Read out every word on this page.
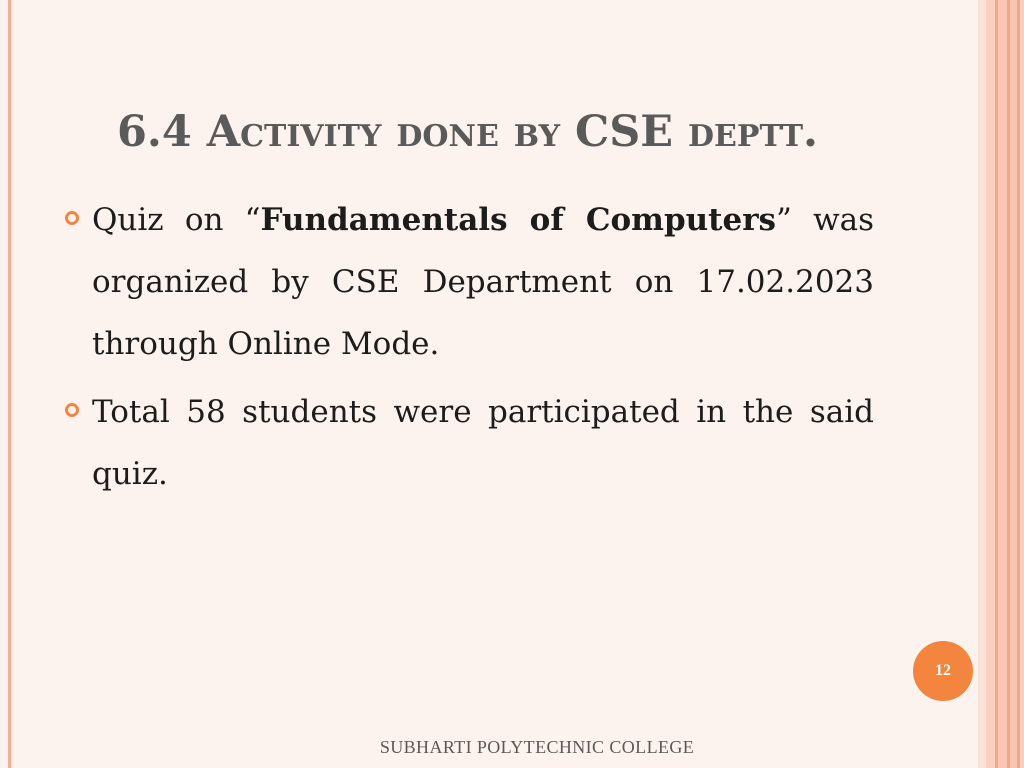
6.4 Activity done by CSE deptt.

Quiz on “Fundamentals of Computers” was organized by CSE Department on 17.02.2023 through Online Mode.

Total 58 students were participated in the said quiz.

12
SUBHARTI POLYTECHNIC COLLEGE
